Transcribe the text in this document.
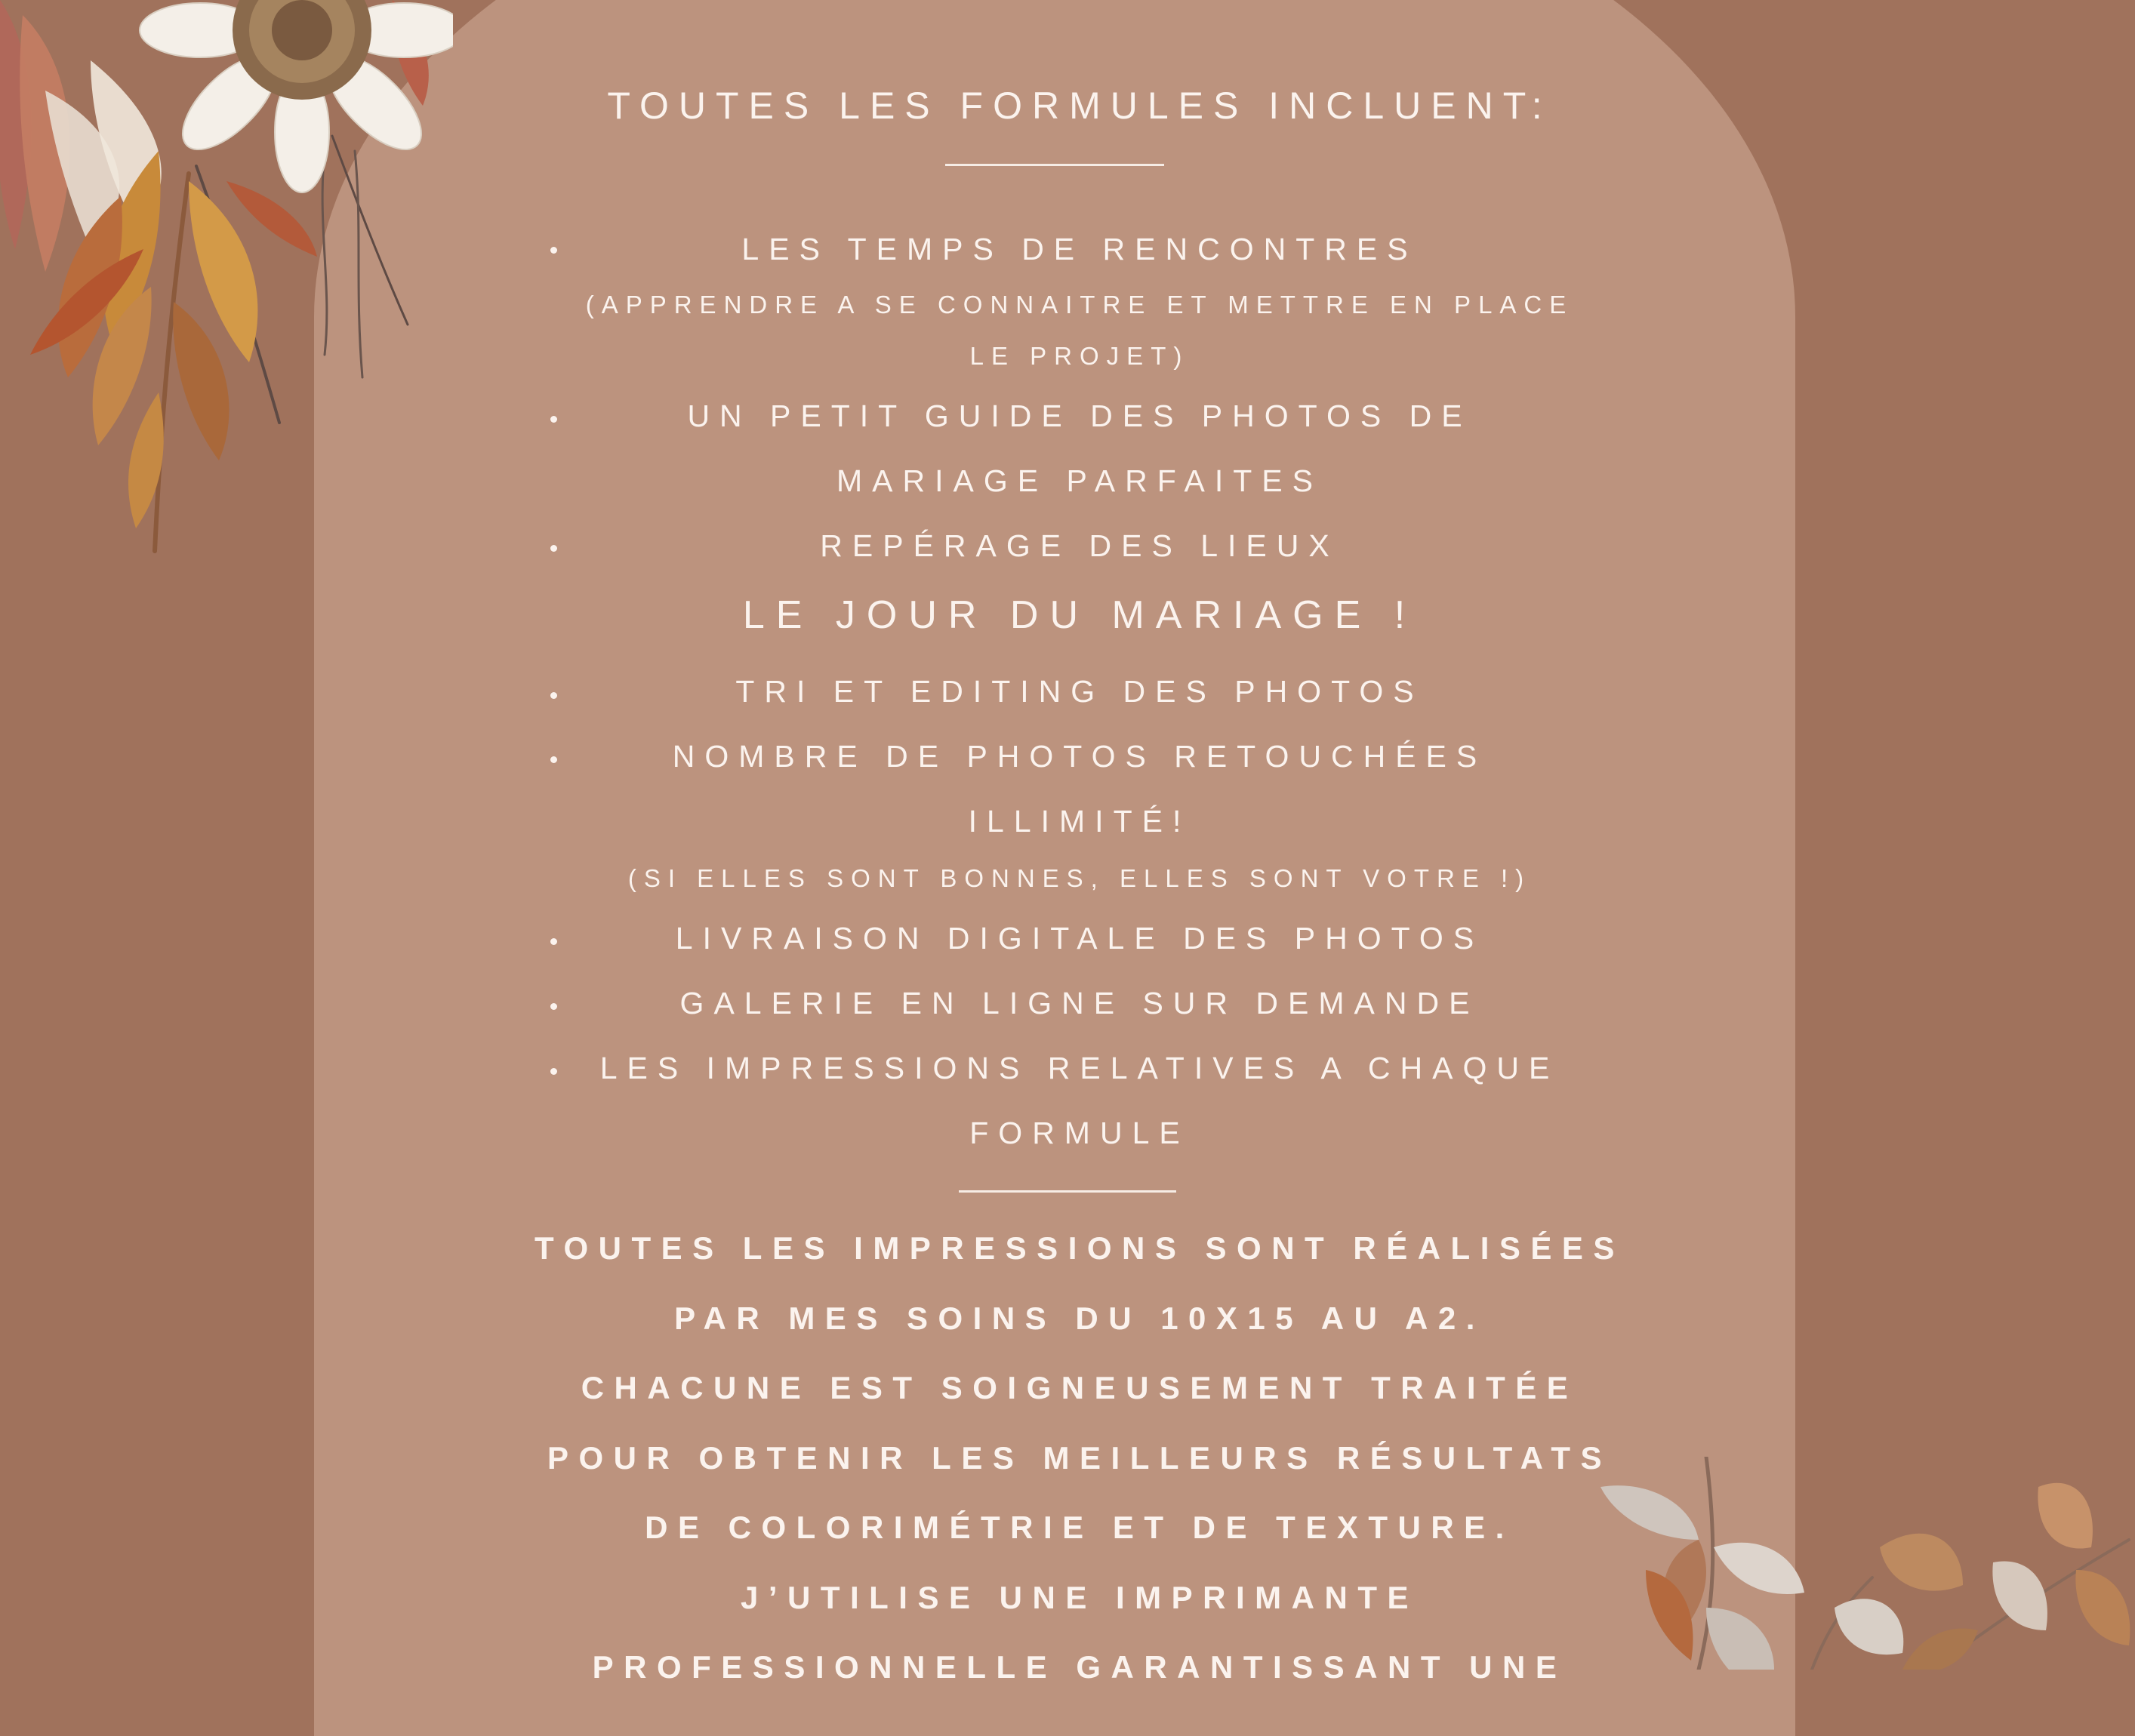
TOUTES LES FORMULES INCLUENT:
LES TEMPS DE RENCONTRES
(APPRENDRE A SE CONNAITRE ET METTRE EN PLACE
LE PROJET)
UN PETIT GUIDE DES PHOTOS DE
MARIAGE PARFAITES
REPÉRAGE DES LIEUX
LE JOUR DU MARIAGE !
TRI ET EDITING DES PHOTOS
NOMBRE DE PHOTOS RETOUCHÉES
ILLIMITÉ!
(SI ELLES SONT BONNES, ELLES SONT VOTRE !)
LIVRAISON DIGITALE DES PHOTOS
GALERIE EN LIGNE SUR DEMANDE
LES IMPRESSIONS RELATIVES A CHAQUE
FORMULE
TOUTES LES IMPRESSIONS SONT RÉALISÉES
PAR MES SOINS DU 10X15 AU A2.
CHACUNE EST SOIGNEUSEMENT TRAITÉE
POUR OBTENIR LES MEILLEURS RÉSULTATS
DE COLORIMÉTRIE ET DE TEXTURE.
J’UTILISE UNE IMPRIMANTE
PROFESSIONNELLE GARANTISSANT UNE
